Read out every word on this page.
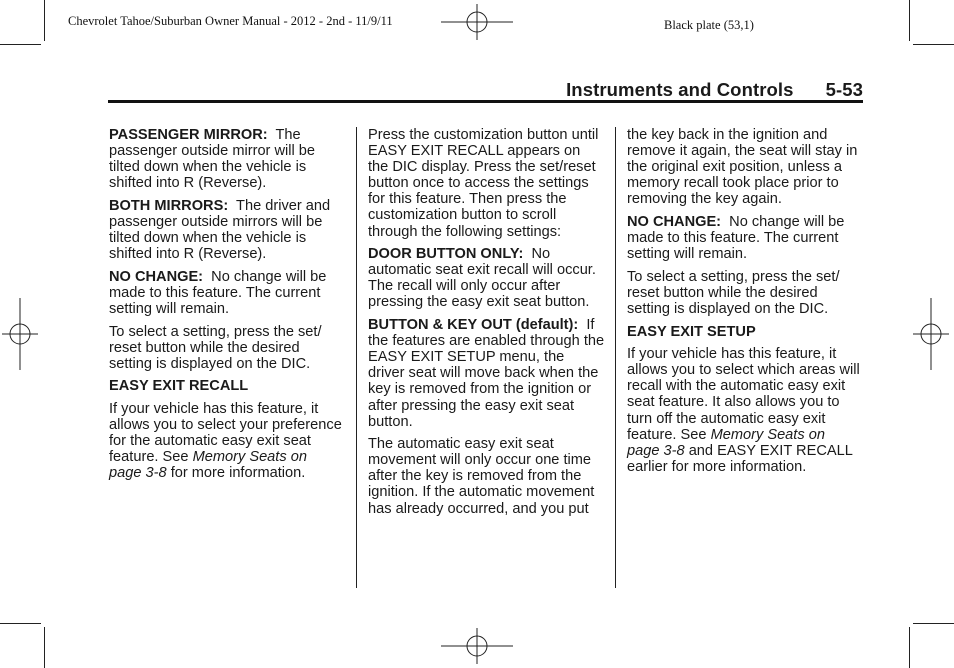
Chevrolet Tahoe/Suburban Owner Manual - 2012 - 2nd - 11/9/11	Black plate (53,1)
Instruments and Controls 5-53

PASSENGER MIRROR: The
passenger outside mirror will be
tilted down when the vehicle is
shifted into R (Reverse).

BOTH MIRRORS: The driver and
passenger outside mirrors will be
tilted down when the vehicle is
shifted into R (Reverse).

NO CHANGE: No change will be
made to this feature. The current
setting will remain.

To select a setting, press the set/
reset button while the desired
setting is displayed on the DIC.

EASY EXIT RECALL

If your vehicle has this feature, it
allows you to select your preference
for the automatic easy exit seat
feature. See Memory Seats on
page 3-8 for more information.

Press the customization button until
EASY EXIT RECALL appears on
the DIC display. Press the set/reset
button once to access the settings
for this feature. Then press the
customization button to scroll
through the following settings:

DOOR BUTTON ONLY: No
automatic seat exit recall will occur.
The recall will only occur after
pressing the easy exit seat button.

BUTTON & KEY OUT (default): If
the features are enabled through the
EASY EXIT SETUP menu, the
driver seat will move back when the
key is removed from the ignition or
after pressing the easy exit seat
button.

The automatic easy exit seat
movement will only occur one time
after the key is removed from the
ignition. If the automatic movement
has already occurred, and you put

the key back in the ignition and
remove it again, the seat will stay in
the original exit position, unless a
memory recall took place prior to
removing the key again.

NO CHANGE: No change will be
made to this feature. The current
setting will remain.

To select a setting, press the set/
reset button while the desired
setting is displayed on the DIC.

EASY EXIT SETUP

If your vehicle has this feature, it
allows you to select which areas will
recall with the automatic easy exit
seat feature. It also allows you to
turn off the automatic easy exit
feature. See Memory Seats on
page 3-8 and EASY EXIT RECALL
earlier for more information.
